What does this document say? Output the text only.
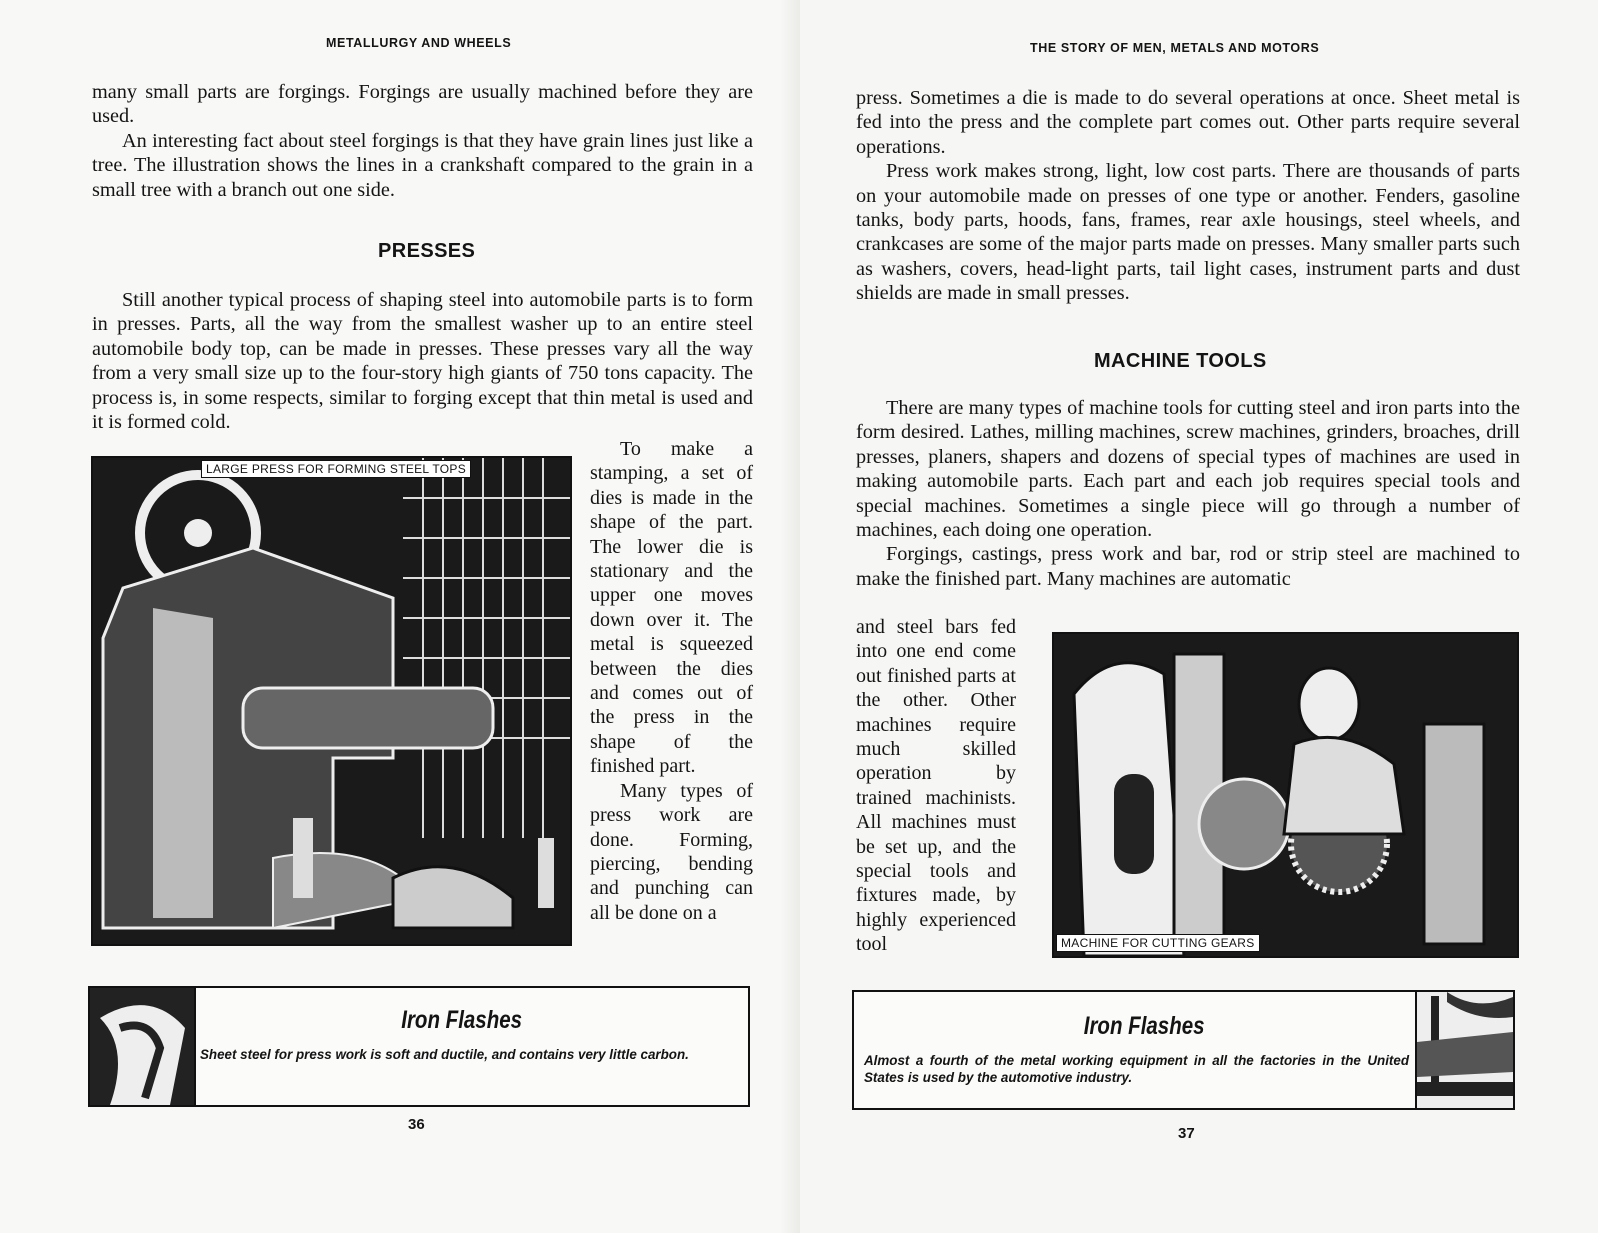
METALLURGY AND WHEELS

many small parts are forgings. Forgings are usually machined before they are used.

An interesting fact about steel forgings is that they have grain lines just like a tree. The illustration shows the lines in a crankshaft compared to the grain in a small tree with a branch out one side.

PRESSES

Still another typical process of shaping steel into automobile parts is to form in presses. Parts, all the way from the smallest washer up to an entire steel automobile body top, can be made in presses. These presses vary all the way from a very small size up to the four-story high giants of 750 tons capacity. The process is, in some respects, similar to forging except that thin metal is used and it is formed cold.

LARGE PRESS FOR FORMING STEEL TOPS

To make a stamping, a set of dies is made in the shape of the part. The lower die is stationary and the upper one moves down over it. The metal is squeezed between the dies and comes out of the press in the shape of the finished part.

Many types of press work are done. Forming, piercing, bending and punching can all be done on a

Iron Flashes
Sheet steel for press work is soft and ductile, and contains very little carbon.
36
THE STORY OF MEN, METALS AND MOTORS

press. Sometimes a die is made to do several operations at once. Sheet metal is fed into the press and the complete part comes out. Other parts require several operations.

Press work makes strong, light, low cost parts. There are thousands of parts on your automobile made on presses of one type or another. Fenders, gasoline tanks, body parts, hoods, fans, frames, rear axle housings, steel wheels, and crankcases are some of the major parts made on presses. Many smaller parts such as washers, covers, head-light parts, tail light cases, instrument parts and dust shields are made in small presses.

MACHINE TOOLS

There are many types of machine tools for cutting steel and iron parts into the form desired. Lathes, milling machines, screw machines, grinders, broaches, drill presses, planers, shapers and dozens of special types of machines are used in making automobile parts. Each part and each job requires special tools and special machines. Sometimes a single piece will go through a number of machines, each doing one operation.

Forgings, castings, press work and bar, rod or strip steel are machined to make the finished part. Many machines are automatic

and steel bars fed into one end come out finished parts at the other. Other machines require much skilled operation by trained machinists. All machines must be set up, and the special tools and fixtures made, by highly experienced tool	MACHINE FOR CUTTING GEARS
Iron Flashes
Almost a fourth of the metal working equipment in all the factories in the United States is used by the automotive industry.
37
